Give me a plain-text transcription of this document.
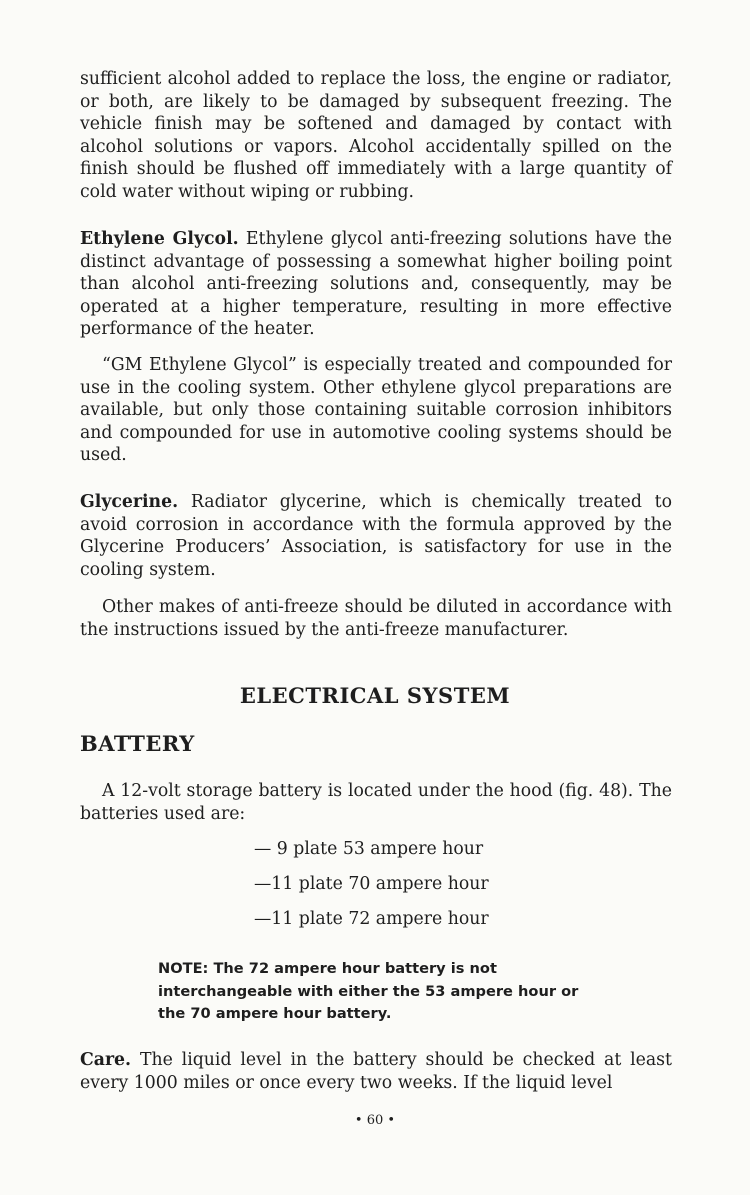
sufficient alcohol added to replace the loss, the engine or radiator, or both, are likely to be damaged by subsequent freezing. The vehicle finish may be softened and damaged by contact with alcohol solutions or vapors. Alcohol accidentally spilled on the finish should be flushed off immediately with a large quantity of cold water without wiping or rubbing.

Ethylene Glycol. Ethylene glycol anti-freezing solutions have the distinct advantage of possessing a somewhat higher boiling point than alcohol anti-freezing solutions and, consequently, may be operated at a higher temperature, resulting in more effective performance of the heater.

“GM Ethylene Glycol” is especially treated and compounded for use in the cooling system. Other ethylene glycol preparations are available, but only those containing suitable corrosion inhibitors and compounded for use in automotive cooling systems should be used.

Glycerine. Radiator glycerine, which is chemically treated to avoid corrosion in accordance with the formula approved by the Glycerine Producers’ Association, is satisfactory for use in the cooling system.

Other makes of anti-freeze should be diluted in accordance with the instructions issued by the anti-freeze manufacturer.

ELECTRICAL SYSTEM
BATTERY

A 12-volt storage battery is located under the hood (fig. 48). The batteries used are:

— 9 plate 53 ampere hour
—11 plate 70 ampere hour
—11 plate 72 ampere hour

NOTE: The 72 ampere hour battery is not interchangeable with either the 53 ampere hour or the 70 ampere hour battery.

Care. The liquid level in the battery should be checked at least every 1000 miles or once every two weeks. If the liquid level

• 60 •
